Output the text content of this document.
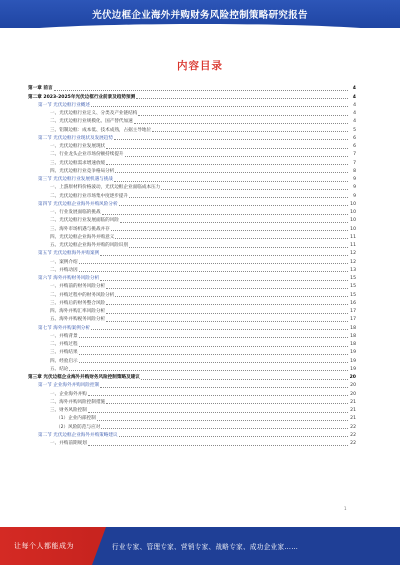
光伏边框企业海外并购财务风险控制策略研究报告
内容目录
第一章 前言	4
第二章 2023-2025年光伏边框行业前景及趋势预测	4
第一节 光伏边框行业概述	4
一、光伏边框行业定义、分类及产业链结构	4
二、光伏边框行业规模化、国产替代加速	4
三、铝制边框：成本低、技术成熟，占据主导地位	5
第二节 光伏边框行业现状及发展趋势	6
一、光伏边框行业发展现状	6
二、行业龙头企业市场份额持续提升	7
三、光伏边框需求增速放缓	7
四、光伏边框行业竞争格局分析	8
第三节 光伏边框行业发展机遇与挑战	9
一、上游原材料价格波动，光伏边框企业面临成本压力	9
二、光伏边框行业市场集中度逐步提升	9
第四节 光伏边框企业海外并购风险分析	10
一、行业发展面临的挑战	10
二、光伏边框行业发展面临的风险	10
三、海外市场机遇与挑战并存	10
四、光伏边框企业海外并购意义	11
五、光伏边框企业海外并购的风险识别	11
第五节 光伏边框海外并购案例	12
一、案例介绍	12
二、并购动因	13
第六节 海外并购财务风险分析	15
一、并购前的财务风险分析	15
二、并购过程中的财务风险分析	15
三、并购后的财务整合风险	16
四、海外并购汇率风险分析	17
五、海外并购税务风险分析	17
第七节 海外并购案例分析	18
一、并购背景	18
二、并购过程	18
三、并购结果	19
四、经验启示	19
五、结论	19
第三章 光伏边框企业海外并购财务风险控制策略及建议	20
第一节 企业海外并购风险控制	20
一、企业海外并购	20
二、海外并购风险控制措施	21
三、财务风险控制	21
（1）企业内部控制	21
（2）风险防范与应对	22
第二节 光伏边框企业海外并购策略建议	22
一、并购前期规划	22
1
让每个人都能成为	行业专家、管理专家、营销专家、战略专家、成功企业家……
